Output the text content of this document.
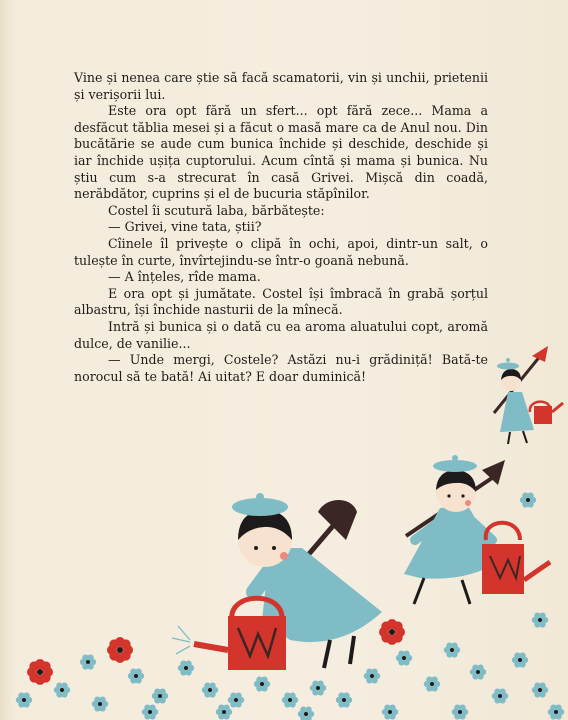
Vine și nenea care știe să facă scamatorii, vin și unchii, prietenii și verișorii lui.

Este ora opt fără un sfert... opt fără zece... Mama a desfăcut tăblia mesei și a făcut o masă mare ca de Anul nou. Din bucătărie se aude cum bunica închide și deschide, deschide și iar închide ușița cuptorului. Acum cîntă și mama și bunica. Nu știu cum s-a strecurat în casă Grivei. Mișcă din coadă, nerăbdător, cuprins și el de bucuria stăpînilor.

Costel îi scutură laba, bărbătește:

— Grivei, vine tata, știi?

Cîinele îl privește o clipă în ochi, apoi, dintr-un salt, o tulește în curte, învîrtejindu-se într-o goană nebună.

— A înțeles, rîde mama.

E ora opt și jumătate. Costel își îmbracă în grabă șorțul albastru, își închide nasturii de la mînecă.

Intră și bunica și o dată cu ea aroma aluatului copt, aromă dulce, de vanilie...

— Unde mergi, Costele? Astăzi nu-i grădiniță! Bată-te norocul să te bată! Ai uitat? E doar duminică!
